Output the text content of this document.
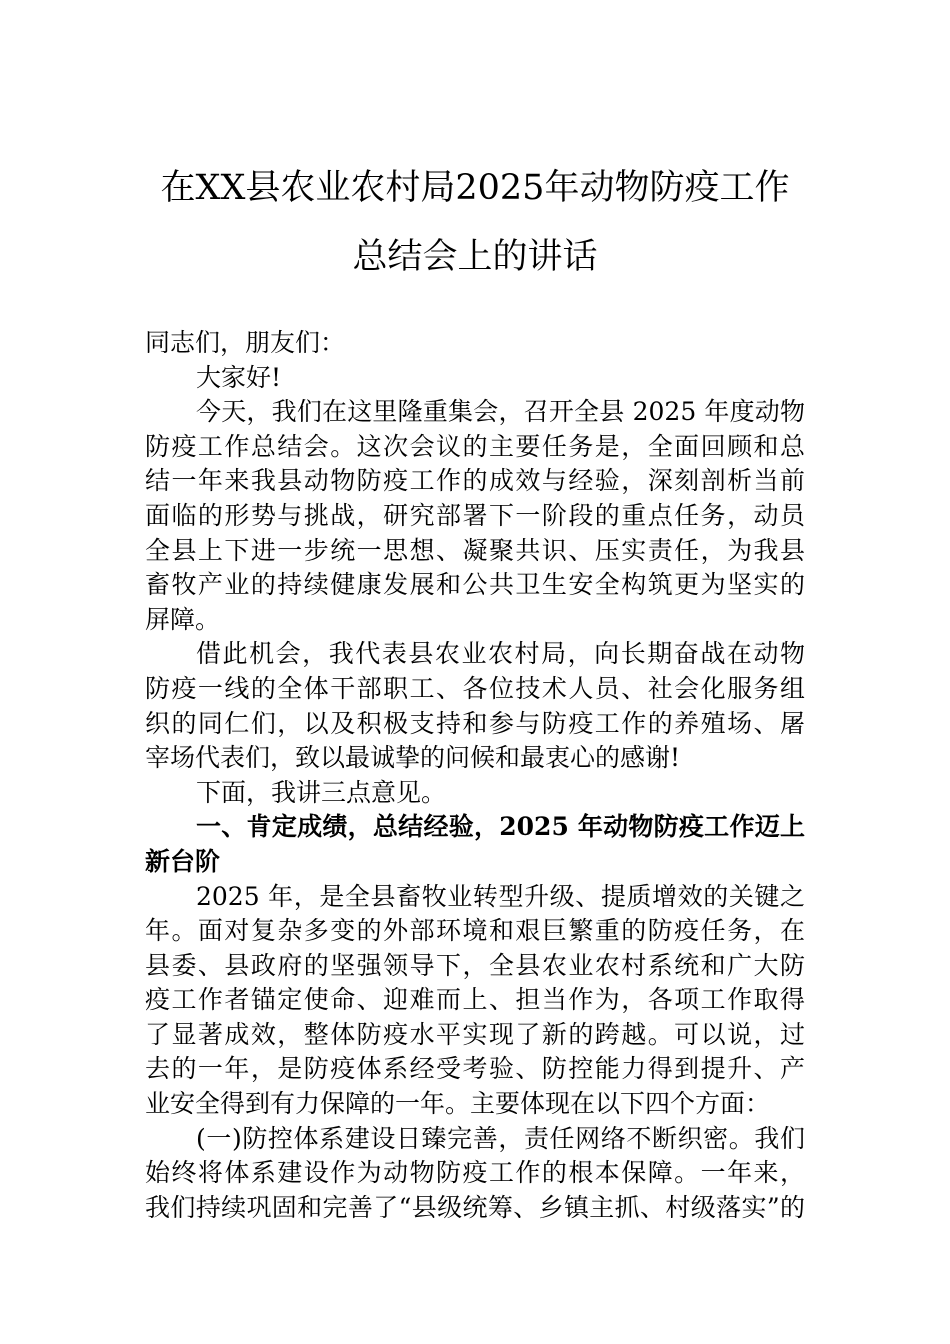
在XX县农业农村局2025年动物防疫工作
总结会上的讲话
同志们，朋友们：
大家好!
今天，我们在这里隆重集会，召开全县 2025 年度动物
防疫工作总结会。这次会议的主要任务是，全面回顾和总
结一年来我县动物防疫工作的成效与经验，深刻剖析当前
面临的形势与挑战，研究部署下一阶段的重点任务，动员
全县上下进一步统一思想、凝聚共识、压实责任，为我县
畜牧产业的持续健康发展和公共卫生安全构筑更为坚实的
屏障。
借此机会，我代表县农业农村局，向长期奋战在动物
防疫一线的全体干部职工、各位技术人员、社会化服务组
织的同仁们，以及积极支持和参与防疫工作的养殖场、屠
宰场代表们，致以最诚挚的问候和最衷心的感谢!
下面，我讲三点意见。
一、肯定成绩，总结经验，2025 年动物防疫工作迈上
新台阶
2025 年，是全县畜牧业转型升级、提质增效的关键之
年。面对复杂多变的外部环境和艰巨繁重的防疫任务，在
县委、县政府的坚强领导下，全县农业农村系统和广大防
疫工作者锚定使命、迎难而上、担当作为，各项工作取得
了显著成效，整体防疫水平实现了新的跨越。可以说，过
去的一年，是防疫体系经受考验、防控能力得到提升、产
业安全得到有力保障的一年。主要体现在以下四个方面：
(一)防控体系建设日臻完善，责任网络不断织密。我们
始终将体系建设作为动物防疫工作的根本保障。一年来，
我们持续巩固和完善了“县级统筹、乡镇主抓、村级落实”的
